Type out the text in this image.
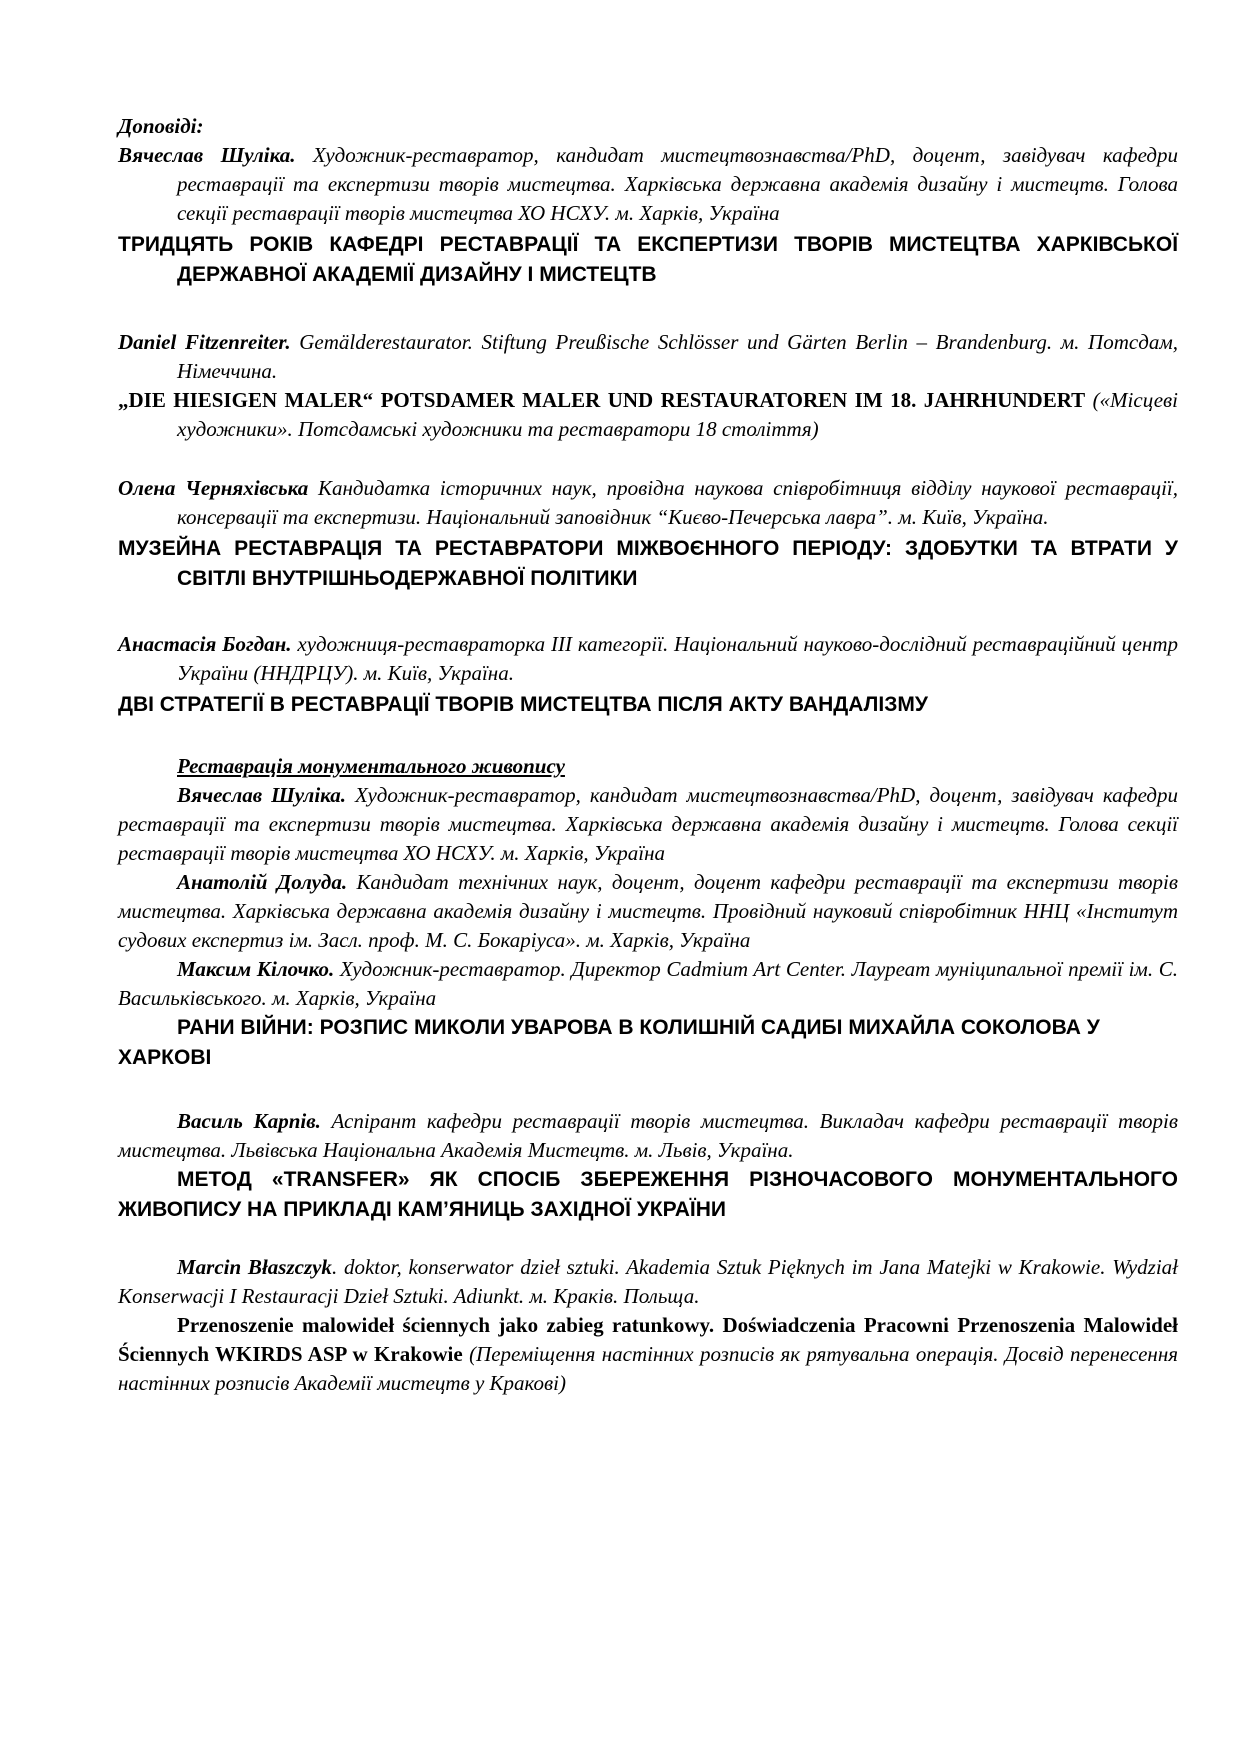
Доповіді:

Вячеслав Шуліка. Художник-реставратор, кандидат мистецтвознавства/PhD, доцент, завідувач кафедри реставрації та експертизи творів мистецтва. Харківська державна академія дизайну і мистецтв. Голова секції реставрації творів мистецтва ХО НСХУ. м. Харків, Україна

ТРИДЦЯТЬ РОКІВ КАФЕДРІ РЕСТАВРАЦІЇ ТА ЕКСПЕРТИЗИ ТВОРІВ МИСТЕЦТВА ХАРКІВСЬКОЇ ДЕРЖАВНОЇ АКАДЕМІЇ ДИЗАЙНУ І МИСТЕЦТВ

Daniel Fitzenreiter. Gemälderestaurator. Stiftung Preußische Schlösser und Gärten Berlin – Brandenburg. м. Потсдам, Німеччина.

„DIE HIESIGEN MALER“ POTSDAMER MALER UND RESTAURATOREN IM 18. JAHRHUNDERT («Місцеві художники». Потсдамські художники та реставратори 18 століття)

Олена Черняхівська Кандидатка історичних наук, провідна наукова співробітниця відділу наукової реставрації, консервації та експертизи. Національний заповідник “Києво-Печерська лавра”. м. Київ, Україна.

МУЗЕЙНА РЕСТАВРАЦІЯ ТА РЕСТАВРАТОРИ МІЖВОЄННОГО ПЕРІОДУ: ЗДОБУТКИ ТА ВТРАТИ У СВІТЛІ ВНУТРІШНЬОДЕРЖАВНОЇ ПОЛІТИКИ

Анастасія Богдан. художниця-реставраторка ІІІ категорії. Національний науково-дослідний реставраційний центр України (ННДРЦУ). м. Київ, Україна.

ДВІ СТРАТЕГІЇ В РЕСТАВРАЦІЇ ТВОРІВ МИСТЕЦТВА ПІСЛЯ АКТУ ВАНДАЛІЗМУ

Реставрація монументального живопису

Вячеслав Шуліка. Художник-реставратор, кандидат мистецтвознавства/PhD, доцент, завідувач кафедри реставрації та експертизи творів мистецтва. Харківська державна академія дизайну і мистецтв. Голова секції реставрації творів мистецтва ХО НСХУ. м. Харків, Україна

Анатолій Долуда. Кандидат технічних наук, доцент, доцент кафедри реставрації та експертизи творів мистецтва. Харківська державна академія дизайну і мистецтв. Провідний науковий співробітник ННЦ «Інститут судових експертиз ім. Засл. проф. М. С. Бокаріуса». м. Харків, Україна

Максим Кілочко. Художник-реставратор. Директор Cadmium Art Center. Лауреат муніципальної премії ім. С. Васильківського. м. Харків, Україна

РАНИ ВІЙНИ: РОЗПИС МИКОЛИ УВАРОВА В КОЛИШНІЙ САДИБІ МИХАЙЛА СОКОЛОВА У ХАРКОВІ

Василь Карпів. Аспірант кафедри реставрації творів мистецтва. Викладач кафедри реставрації творів мистецтва. Львівська Національна Академія Мистецтв. м. Львів, Україна.

МЕТОД «TRANSFER» ЯК СПОСІБ ЗБЕРЕЖЕННЯ РІЗНОЧАСОВОГО МОНУМЕНТАЛЬНОГО ЖИВОПИСУ НА ПРИКЛАДІ КАМ’ЯНИЦЬ ЗАХІДНОЇ УКРАЇНИ

Marcin Błaszczyk. doktor, konserwator dzieł sztuki. Akademia Sztuk Pięknych im Jana Matejki w Krakowie. Wydział Konserwacji I Restauracji Dzieł Sztuki. Adiunkt. м. Краків. Польща.

Przenoszenie malowideł ściennych jako zabieg ratunkowy. Doświadczenia Pracowni Przenoszenia Malowideł Ściennych WKIRDS ASP w Krakowie (Переміщення настінних розписів як рятувальна операція. Досвід перенесення настінних розписів Академії мистецтв у Кракові)
